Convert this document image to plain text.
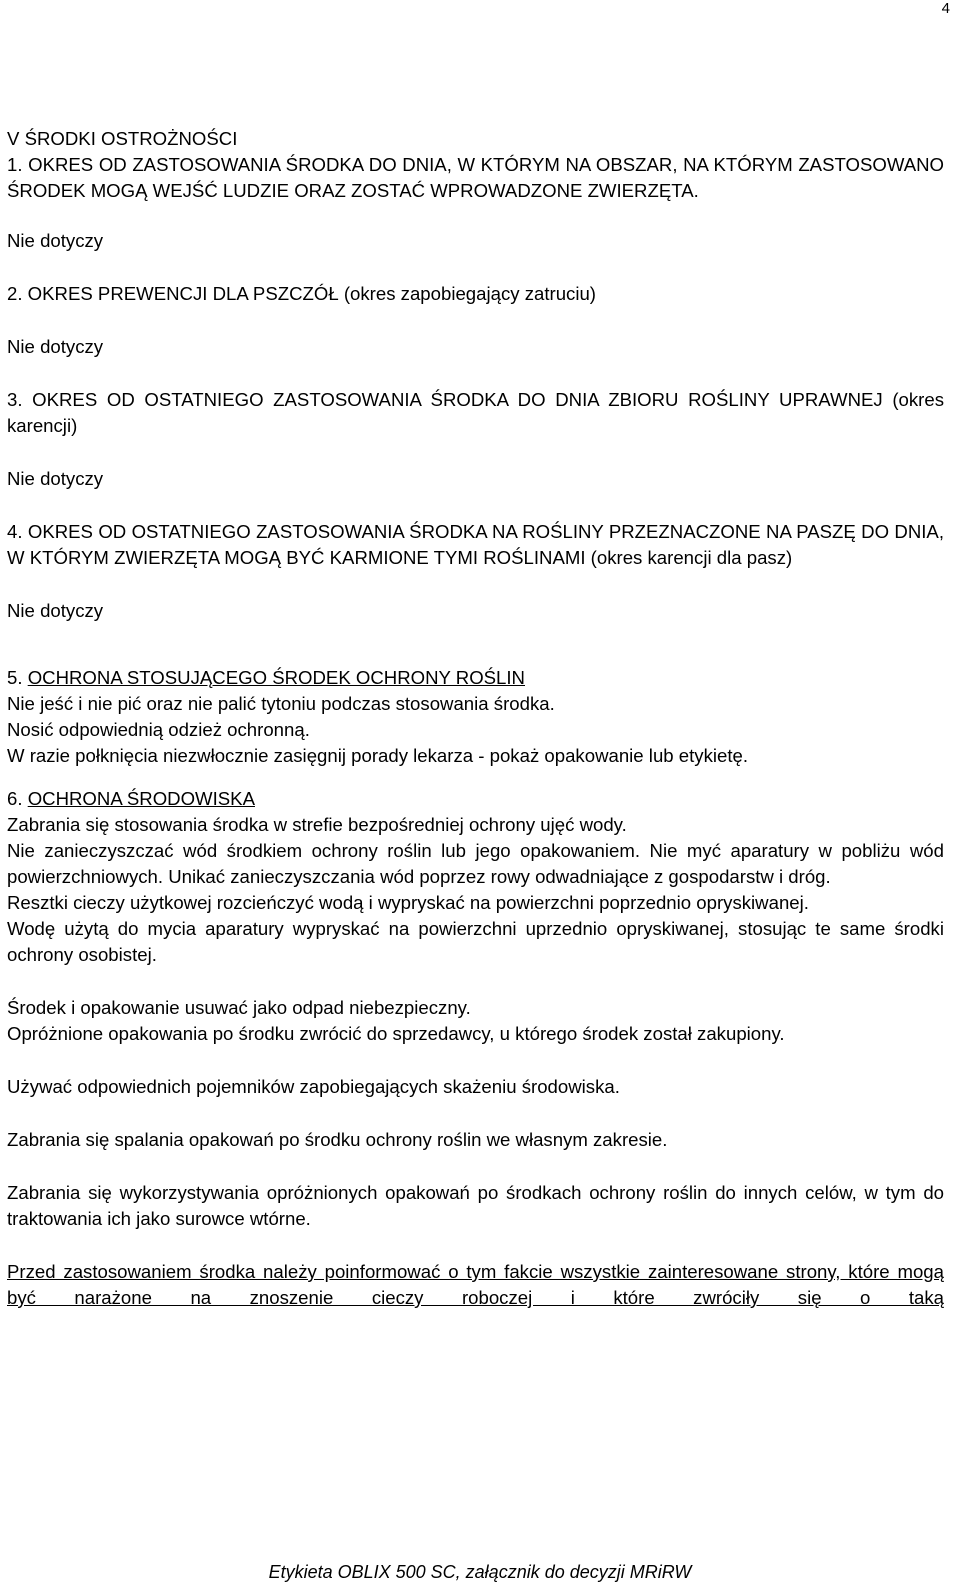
4

V ŚRODKI OSTROŻNOŚCI

1. OKRES OD ZASTOSOWANIA ŚRODKA DO DNIA, W KTÓRYM NA OBSZAR, NA KTÓRYM ZASTOSOWANO ŚRODEK MOGĄ WEJŚĆ LUDZIE ORAZ ZOSTAĆ WPROWADZONE ZWIERZĘTA.

Nie dotyczy

2. OKRES PREWENCJI DLA PSZCZÓŁ (okres zapobiegający zatruciu)

Nie dotyczy

3. OKRES OD OSTATNIEGO ZASTOSOWANIA ŚRODKA DO DNIA ZBIORU ROŚLINY UPRAWNEJ (okres karencji)

Nie dotyczy

4. OKRES OD OSTATNIEGO ZASTOSOWANIA ŚRODKA NA ROŚLINY PRZEZNACZONE NA PASZĘ DO DNIA, W KTÓRYM ZWIERZĘTA MOGĄ BYĆ KARMIONE TYMI ROŚLINAMI (okres karencji dla pasz)

Nie dotyczy

5. OCHRONA STOSUJĄCEGO ŚRODEK OCHRONY ROŚLIN

Nie jeść i nie pić oraz nie palić tytoniu podczas stosowania środka.

Nosić odpowiednią odzież ochronną.

W razie połknięcia niezwłocznie zasięgnij porady lekarza - pokaż opakowanie lub etykietę.

6. OCHRONA ŚRODOWISKA

Zabrania się stosowania środka w strefie bezpośredniej ochrony ujęć wody.

Nie zanieczyszczać wód środkiem ochrony roślin lub jego opakowaniem. Nie myć aparatury w pobliżu wód powierzchniowych. Unikać zanieczyszczania wód poprzez rowy odwadniające z gospodarstw i dróg.

Resztki cieczy użytkowej rozcieńczyć wodą i wypryskać na powierzchni poprzednio opryskiwanej.

Wodę użytą do mycia aparatury wypryskać na powierzchni uprzednio opryskiwanej, stosując te same środki ochrony osobistej.

Środek i opakowanie usuwać jako odpad niebezpieczny.

Opróżnione opakowania po środku zwrócić do sprzedawcy, u którego środek został zakupiony.

Używać odpowiednich pojemników zapobiegających skażeniu środowiska.

Zabrania się spalania opakowań po środku ochrony roślin we własnym zakresie.

Zabrania się wykorzystywania opróżnionych opakowań po środkach ochrony roślin do innych celów, w tym do traktowania ich jako surowce wtórne.

Przed zastosowaniem środka należy poinformować o tym fakcie wszystkie zainteresowane strony, które mogą być narażone na znoszenie cieczy roboczej i które zwróciły się o taką

Etykieta OBLIX 500 SC, załącznik do decyzji MRiRW
